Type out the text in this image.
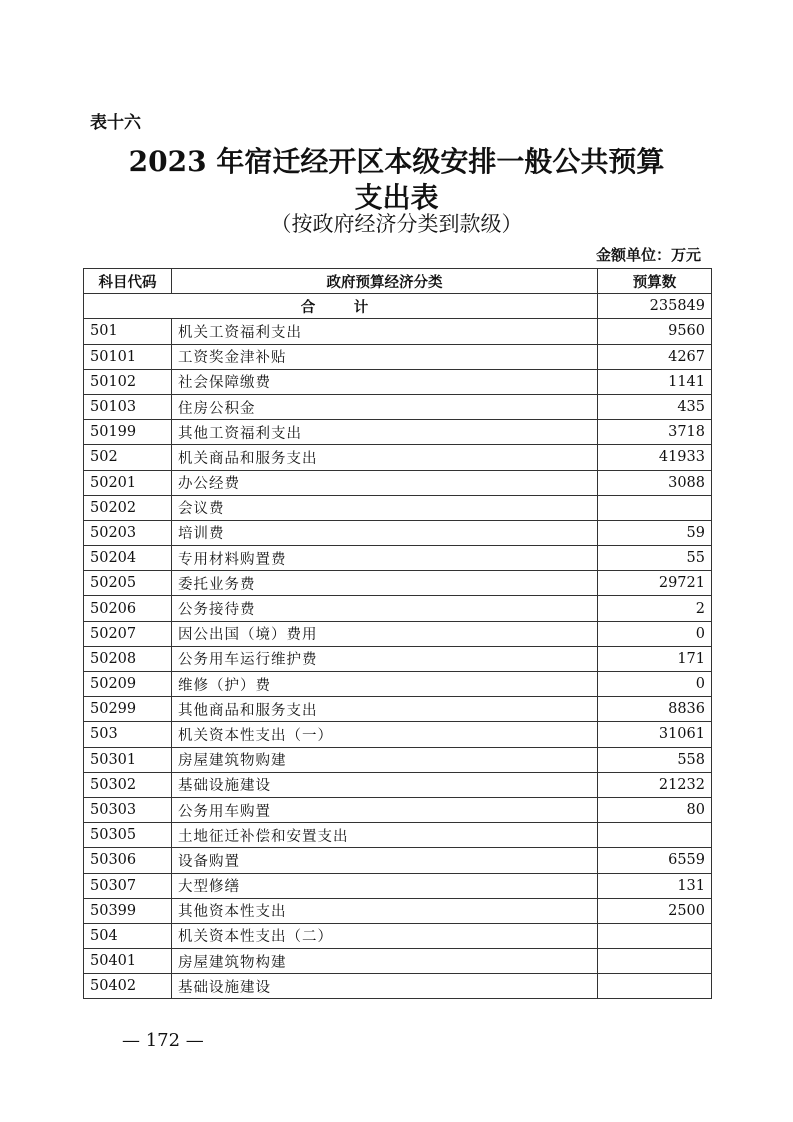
表十六
2023 年宿迁经开区本级安排一般公共预算
支出表
（按政府经济分类到款级）
金额单位：万元
科目代码	政府预算经济分类	预算数
合　计		235849
501	机关工资福利支出	9560
50101	工资奖金津补贴	4267
50102	社会保障缴费	1141
50103	住房公积金	435
50199	其他工资福利支出	3718
502	机关商品和服务支出	41933
50201	办公经费	3088
50202	会议费	
50203	培训费	59
50204	专用材料购置费	55
50205	委托业务费	29721
50206	公务接待费	2
50207	因公出国（境）费用	0
50208	公务用车运行维护费	171
50209	维修（护）费	0
50299	其他商品和服务支出	8836
503	机关资本性支出（一）	31061
50301	房屋建筑物购建	558
50302	基础设施建设	21232
50303	公务用车购置	80
50305	土地征迁补偿和安置支出	
50306	设备购置	6559
50307	大型修缮	131
50399	其他资本性支出	2500
504	机关资本性支出（二）	
50401	房屋建筑物构建	
50402	基础设施建设	
— 172 —
